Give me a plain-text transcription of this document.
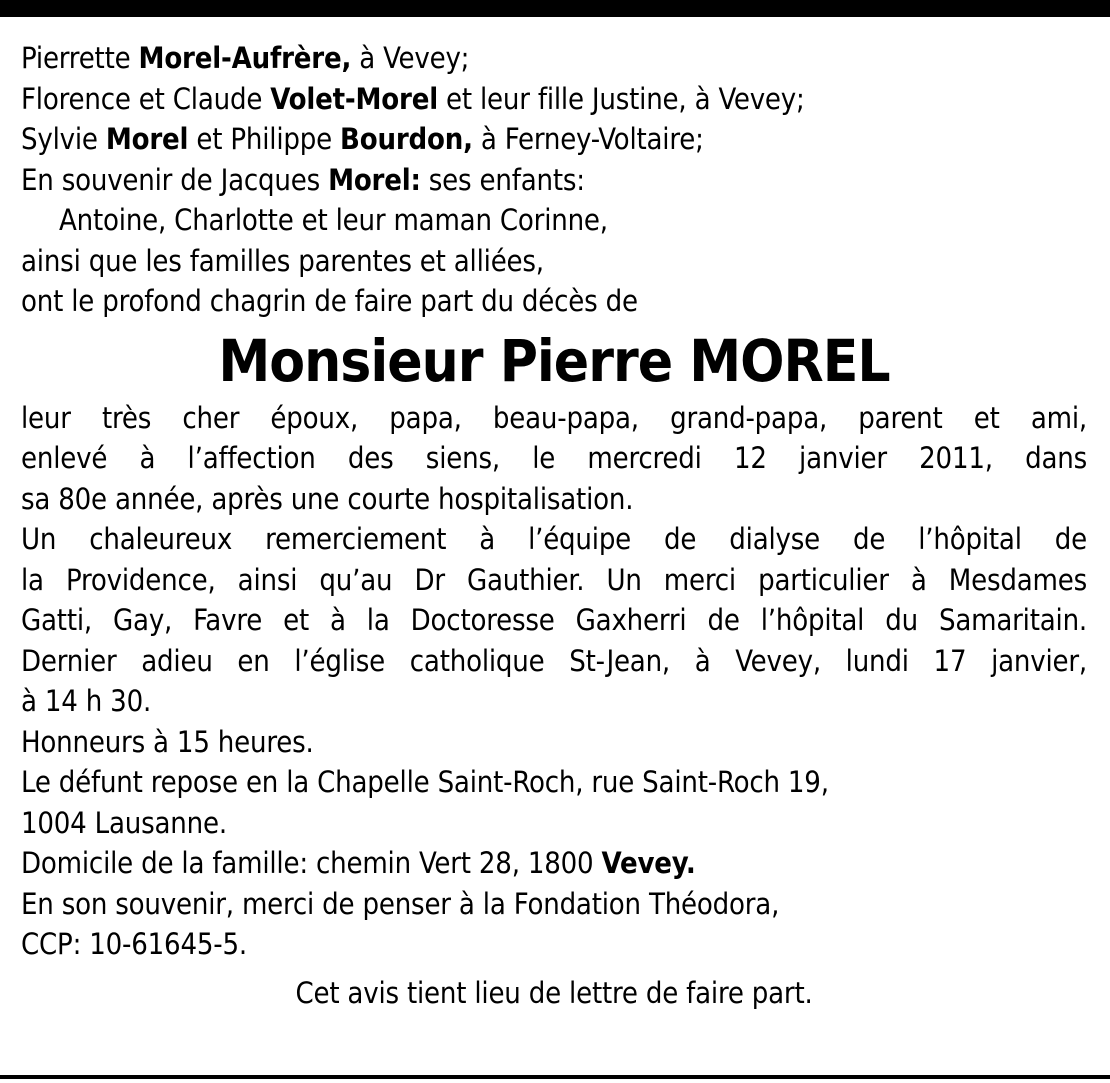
Pierrette Morel-Aufrère, à Vevey;
Florence et Claude Volet-Morel et leur fille Justine, à Vevey;
Sylvie Morel et Philippe Bourdon, à Ferney-Voltaire;
En souvenir de Jacques Morel: ses enfants:
Antoine, Charlotte et leur maman Corinne,
ainsi que les familles parentes et alliées,
ont le profond chagrin de faire part du décès de
Monsieur Pierre MOREL
leur très cher époux, papa, beau-papa, grand-papa, parent et ami,
enlevé à l’affection des siens, le mercredi 12 janvier 2011, dans
sa 80e année, après une courte hospitalisation.
Un chaleureux remerciement à l’équipe de dialyse de l’hôpital de
la Providence, ainsi qu’au Dr Gauthier. Un merci particulier à Mesdames
Gatti, Gay, Favre et à la Doctoresse Gaxherri de l’hôpital du Samaritain.
Dernier adieu en l’église catholique St-Jean, à Vevey, lundi 17 janvier,
à 14 h 30.
Honneurs à 15 heures.
Le défunt repose en la Chapelle Saint-Roch, rue Saint-Roch 19,
1004 Lausanne.
Domicile de la famille: chemin Vert 28, 1800 Vevey.
En son souvenir, merci de penser à la Fondation Théodora,
CCP: 10-61645-5.
Cet avis tient lieu de lettre de faire part.
